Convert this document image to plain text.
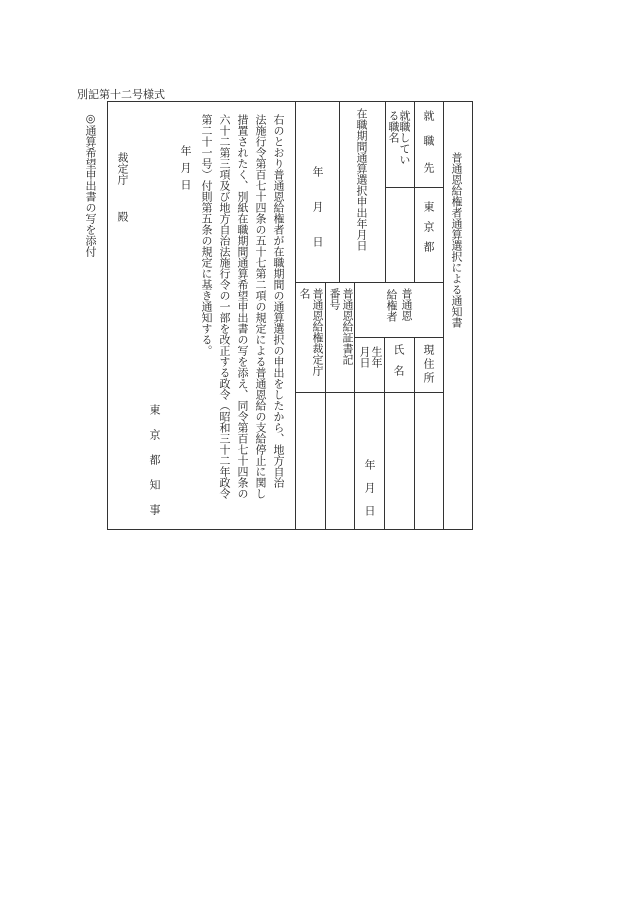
別記第十二号様式
◎通算希望申出書の写を添付	普通恩給権者通算選択による通知書
就
職
先
東京都
就職してい
る職名
在職期間通算選択申出年月日
年月日
普通恩
給権者
現住所
氏名
生年
月日
年月日
普通恩給証書記
番号
普通恩給権裁定庁
名
右のとおり普通恩給権者が在職期間の通算選択の申出をしたから、地方自治
法施行令第百七十四条の五十七第二項の規定による普通恩給の支給停止に関し
措置されたく、別紙在職期間通算希望申出書の写を添え、同令第百七十四条の
六十二第三項及び地方自治法施行令の一部を改正する政令（昭和三十二年政令
第二十一号）付則第五条の規定に基き通知する。
年月日
裁定庁
殿
東京都知事
